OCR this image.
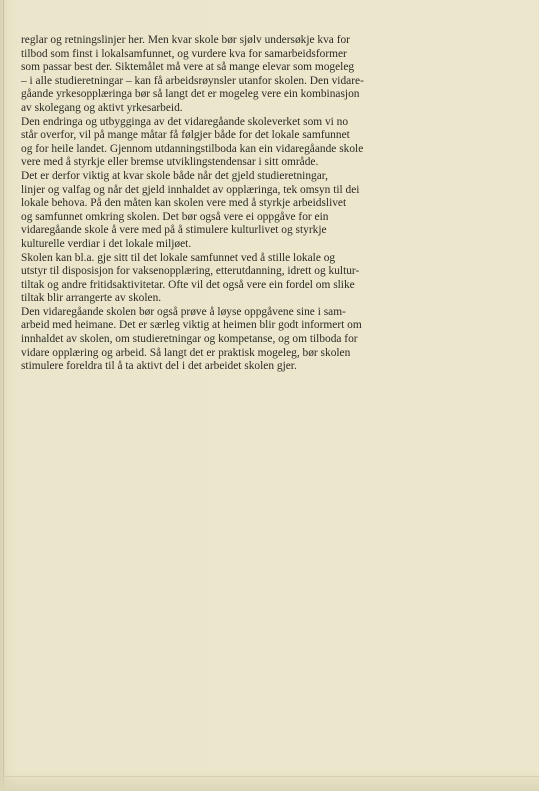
reglar og retningslinjer her. Men kvar skole bør sjølv undersøkje kva for
tilbod som finst i lokalsamfunnet, og vurdere kva for samarbeidsformer
som passar best der. Siktemålet må vere at så mange elevar som mogeleg
– i alle studieretningar – kan få arbeidsrøynsler utanfor skolen. Den vidare-
gåande yrkesopplæringa bør så langt det er mogeleg vere ein kombinasjon
av skolegang og aktivt yrkesarbeid.
Den endringa og utbygginga av det vidaregåande skoleverket som vi no
står overfor, vil på mange måtar få følgjer både for det lokale samfunnet
og for heile landet. Gjennom utdanningstilboda kan ein vidaregåande skole
vere med å styrkje eller bremse utviklingstendensar i sitt område.
Det er derfor viktig at kvar skole både når det gjeld studieretningar,
linjer og valfag og når det gjeld innhaldet av opplæringa, tek omsyn til dei
lokale behova. På den måten kan skolen vere med å styrkje arbeidslivet
og samfunnet omkring skolen. Det bør også vere ei oppgåve for ein
vidaregåande skole å vere med på å stimulere kulturlivet og styrkje
kulturelle verdiar i det lokale miljøet.
Skolen kan bl.a. gje sitt til det lokale samfunnet ved å stille lokale og
utstyr til disposisjon for vaksenopplæring, etterutdanning, idrett og kultur-
tiltak og andre fritidsaktivitetar. Ofte vil det også vere ein fordel om slike
tiltak blir arrangerte av skolen.
Den vidaregåande skolen bør også prøve å løyse oppgåvene sine i sam-
arbeid med heimane. Det er særleg viktig at heimen blir godt informert om
innhaldet av skolen, om studieretningar og kompetanse, og om tilboda for
vidare opplæring og arbeid. Så langt det er praktisk mogeleg, bør skolen
stimulere foreldra til å ta aktivt del i det arbeidet skolen gjer.
